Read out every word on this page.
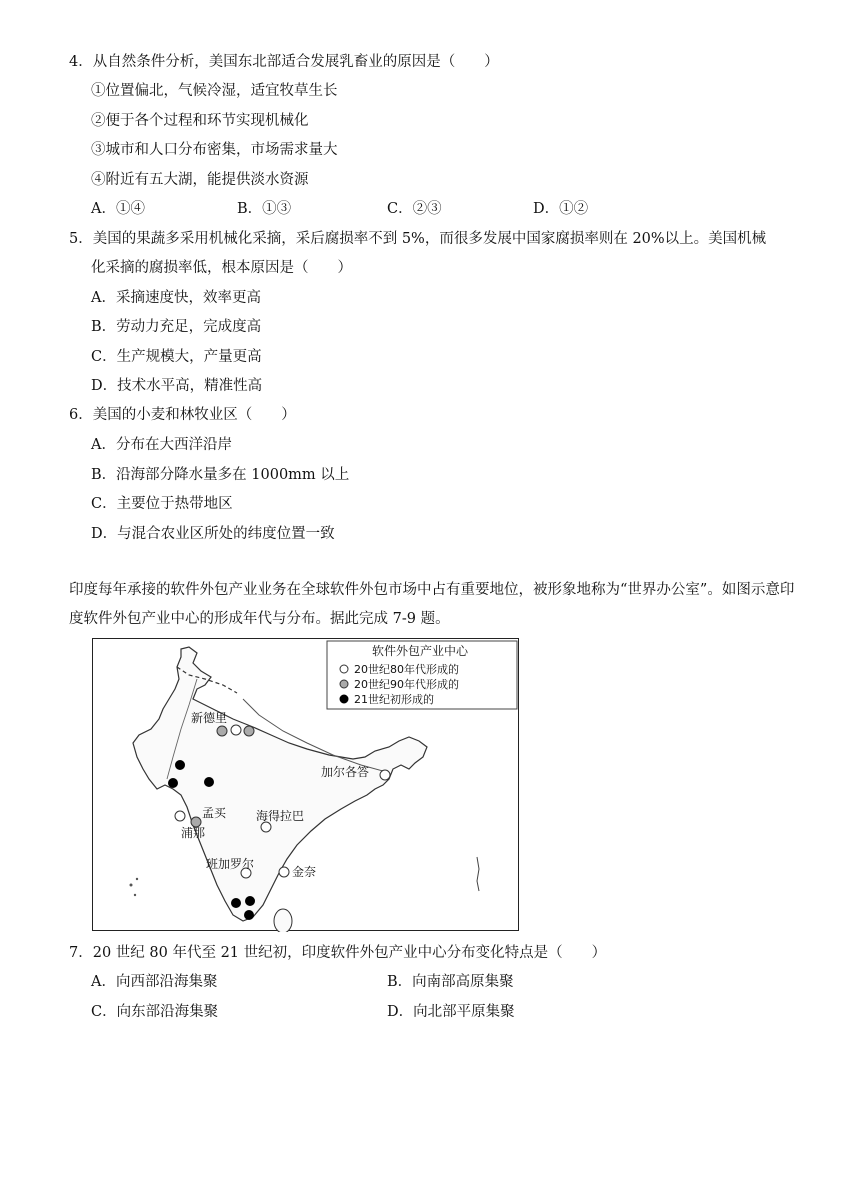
4．从自然条件分析，美国东北部适合发展乳畜业的原因是（　　）
①位置偏北，气候冷湿，适宜牧草生长
②便于各个过程和环节实现机械化
③城市和人口分布密集，市场需求量大
④附近有五大湖，能提供淡水资源
A．①④	B．①③	C．②③	D．①②
5．美国的果蔬多采用机械化采摘，采后腐损率不到 5%，而很多发展中国家腐损率则在 20%以上。美国机械
化采摘的腐损率低，根本原因是（　　）
A．采摘速度快，效率更高
B．劳动力充足，完成度高
C．生产规模大，产量更高
D．技术水平高，精准性高
6．美国的小麦和林牧业区（　　）
A．分布在大西洋沿岸
B．沿海部分降水量多在 1000mm 以上
C．主要位于热带地区
D．与混合农业区所处的纬度位置一致
印度每年承接的软件外包产业业务在全球软件外包市场中占有重要地位，被形象地称为“世界办公室”。如图示意印度软件外包产业中心的形成年代与分布。据此完成 7-9 题。
软件外包产业中心
20世纪80年代形成的
20世纪90年代形成的
21世纪初形成的
新德里
加尔各答
孟买
浦那
海得拉巴
班加罗尔
金奈
7．20 世纪 80 年代至 21 世纪初，印度软件外包产业中心分布变化特点是（　　）
A．向西部沿海集聚	B．向南部高原集聚
C．向东部沿海集聚	D．向北部平原集聚
